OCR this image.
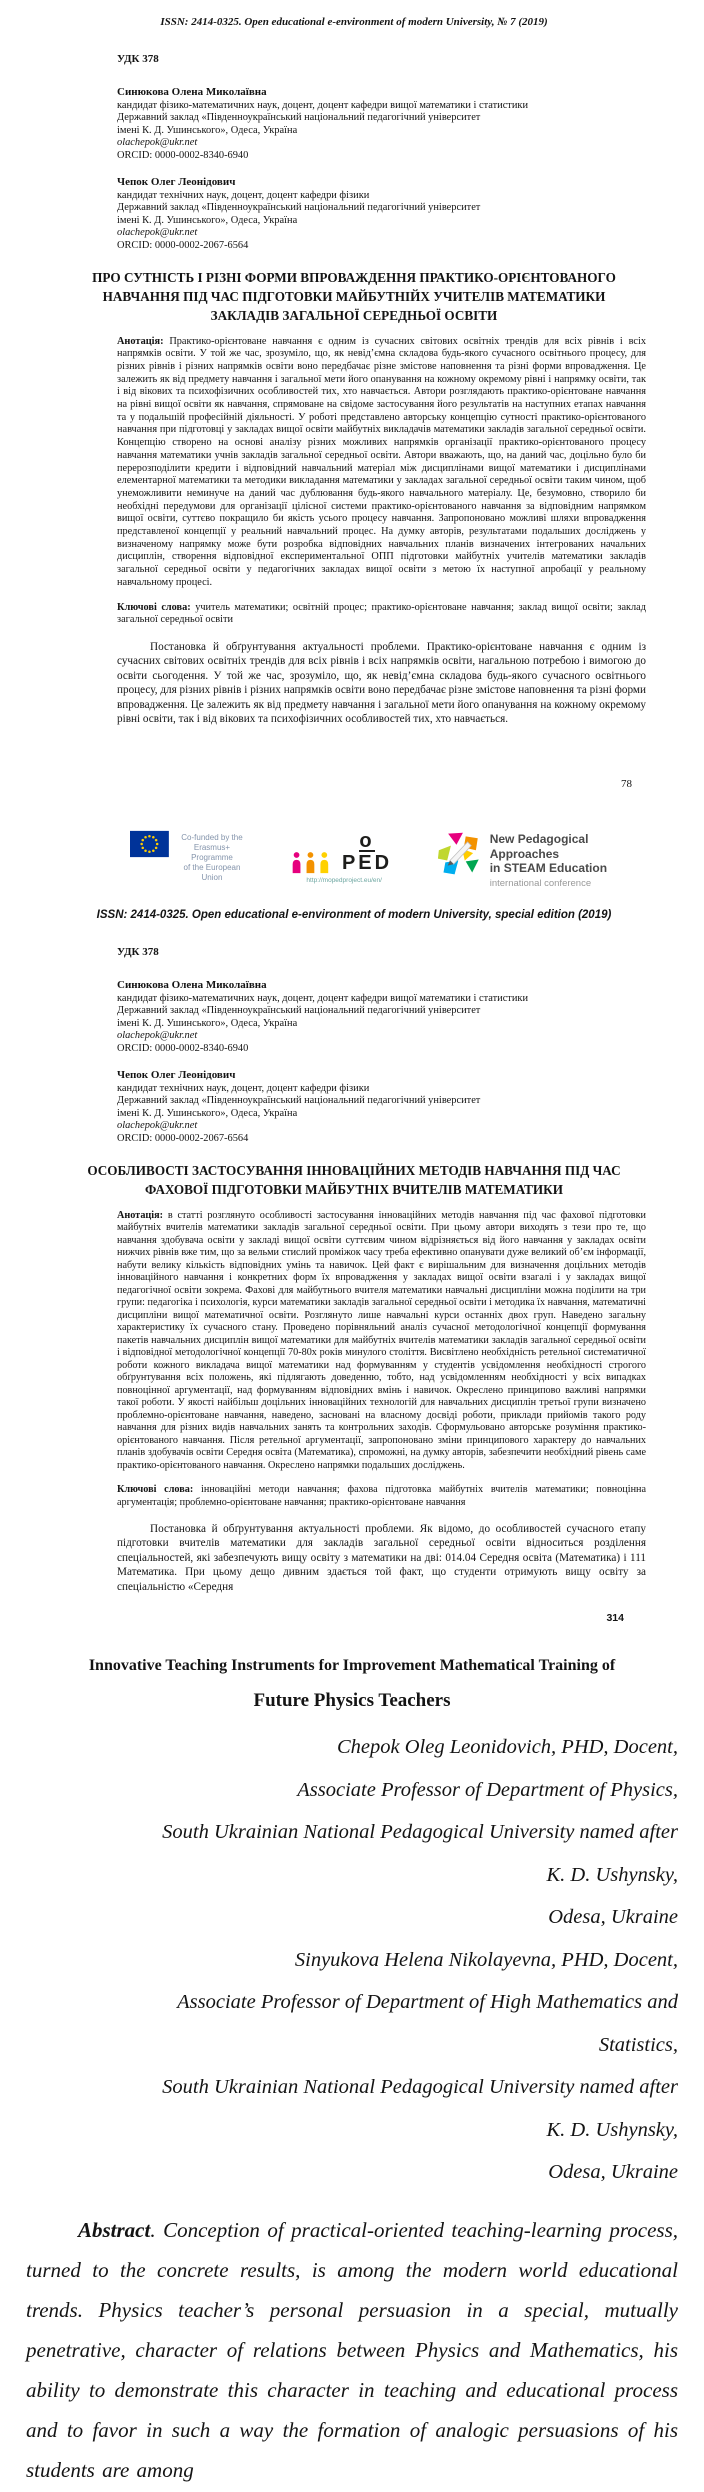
ISSN: 2414-0325. Open educational e-environment of modern University, № 7 (2019)
УДК 378
Синюкова Олена Миколаївна
кандидат фізико-математичних наук, доцент, доцент кафедри вищої математики і статистики
Державний заклад «Південноукраїнський національний педагогічний університет
імені К. Д. Ушинського», Одеса, Україна
olachepok@ukr.net
ORCID: 0000-0002-8340-6940
Чепок Олег Леонідович
кандидат технічних наук, доцент, доцент кафедри фізики
Державний заклад «Південноукраїнський національний педагогічний університет
імені К. Д. Ушинського», Одеса, Україна
olachepok@ukr.net
ORCID: 0000-0002-2067-6564
ПРО СУТНІСТЬ І РІЗНІ ФОРМИ ВПРОВАЖДЕННЯ ПРАКТИКО-ОРІЄНТОВАНОГО НАВЧАННЯ ПІД ЧАС ПІДГОТОВКИ МАЙБУТНІЙХ УЧИТЕЛІВ МАТЕМАТИКИ ЗАКЛАДІВ ЗАГАЛЬНОЇ СЕРЕДНЬОЇ ОСВІТИ
Анотація: Практико-орієнтоване навчання є одним із сучасних світових освітніх трендів для всіх рівнів і всіх напрямків освіти. У той же час, зрозуміло, що, як невід’ємна складова будь-якого сучасного освітнього процесу, для різних рівнів і різних напрямків освіти воно передбачає різне змістове наповнення та різні форми впровадження. Це залежить як від предмету навчання і загальної мети його опанування на кожному окремому рівні і напрямку освіти, так і від вікових та психофізичних особливостей тих, хто навчається. Автори розглядають практико-орієнтоване навчання на рівні вищої освіти як навчання, спрямоване на свідоме застосування його результатів на наступних етапах навчання та у подальшій професійній діяльності. У роботі представлено авторську концепцію сутності практико-орієнтованого навчання при підготовці у закладах вищої освіти майбутніх викладачів математики закладів загальної середньої освіти. Концепцію створено на основі аналізу різних можливих напрямків організації практико-орієнтованого процесу навчання математики учнів закладів загальної середньої освіти. Автори вважають, що, на даний час, доцільно було би перерозподілити кредити і відповідний навчальний матеріал між дисциплінами вищої математики і дисциплінами елементарної математики та методики викладання математики у закладах загальної середньої освіти таким чином, щоб унеможливити неминуче на даний час дублювання будь-якого навчального матеріалу. Це, безумовно, створило би необхідні передумови для організації цілісної системи практико-орієнтованого навчання за відповідним напрямком вищої освіти, суттєво покращило би якість усього процесу навчання. Запропоновано можливі шляхи впровадження представленої концепції у реальний навчальний процес. На думку авторів, результатами подальших досліджень у визначеному напрямку може бути розробка відповідних навчальних планів визначених інтегрованих начальних дисциплін, створення відповідної експериментальної ОПП підготовки майбутніх учителів математики закладів загальної середньої освіти у педагогічних закладах вищої освіти з метою їх наступної апробації у реальному навчальному процесі.
Ключові слова: учитель математики; освітній процес; практико-орієнтоване навчання; заклад вищої освіти; заклад загальної середньої освіти
Постановка й обґрунтування актуальності проблеми. Практико-орієнтоване навчання є одним із сучасних світових освітніх трендів для всіх рівнів і всіх напрямків освіти, нагальною потребою і вимогою до освіти сьогодення. У той же час, зрозуміло, що, як невід’ємна складова будь-якого сучасного освітнього процесу, для різних рівнів і різних напрямків освіти воно передбачає різне змістове наповнення та різні форми впровадження. Це залежить як від предмету навчання і загальної мети його опанування на кожному окремому рівні освіти, так і від вікових та психофізичних особливостей тих, хто навчається.
78
Co-funded by the
Erasmus+ Programme
of the European Union
oPED
http://mopedproject.eu/en/
New Pedagogical Approaches
in STEAM Education
international conference
ISSN: 2414-0325. Open educational e-environment of modern University, special edition (2019)
УДК 378
Синюкова Олена Миколаївна
кандидат фізико-математичних наук, доцент, доцент кафедри вищої математики і статистики
Державний заклад «Південноукраїнський національний педагогічний університет
імені К. Д. Ушинського», Одеса, Україна
olachepok@ukr.net
ORCID: 0000-0002-8340-6940
Чепок Олег Леонідович
кандидат технічних наук, доцент, доцент кафедри фізики
Державний заклад «Південноукраїнський національний педагогічний університет
імені К. Д. Ушинського», Одеса, Україна
olachepok@ukr.net
ORCID: 0000-0002-2067-6564
ОСОБЛИВОСТІ ЗАСТОСУВАННЯ ІННОВАЦІЙНИХ МЕТОДІВ НАВЧАННЯ ПІД ЧАС ФАХОВОЇ ПІДГОТОВКИ МАЙБУТНІХ ВЧИТЕЛІВ МАТЕМАТИКИ
Анотація: в статті розглянуто особливості застосування інноваційних методів навчання під час фахової підготовки майбутніх вчителів математики закладів загальної середньої освіти. При цьому автори виходять з тези про те, що навчання здобувача освіти у закладі вищої освіти суттєвим чином відрізняється від його навчання у закладах освіти нижчих рівнів вже тим, що за вельми стислий проміжок часу треба ефективно опанувати дуже великий об’єм інформації, набути велику кількість відповідних умінь та навичок. Цей факт є вирішальним для визначення доцільних методів інноваційного навчання і конкретних форм їх впровадження у закладах вищої освіти взагалі і у закладах вищої педагогічної освіти зокрема. Фахові для майбутнього вчителя математики навчальні дисципліни можна поділити на три групи: педагогіка і психологія, курси математики закладів загальної середньої освіти і методика їх навчання, математичні дисципліни вищої математичної освіти. Розглянуто лише навчальні курси останніх двох груп. Наведено загальну характеристику їх сучасного стану. Проведено порівняльний аналіз сучасної методологічної концепції формування пакетів навчальних дисциплін вищої математики для майбутніх вчителів математики закладів загальної середньої освіти і відповідної методологічної концепції 70-80х років минулого століття. Висвітлено необхідність ретельної систематичної роботи кожного викладача вищої математики над формуванням у студентів усвідомлення необхідності строгого обґрунтування всіх положень, які підлягають доведенню, тобто, над усвідомленням необхідності у всіх випадках повноцінної аргументації, над формуванням відповідних вмінь і навичок. Окреслено принципово важливі напрямки такої роботи. У якості найбільш доцільних інноваційних технологій для навчальних дисциплін третьої групи визначено проблемно-орієнтоване навчання, наведено, засновані на власному досвіді роботи, приклади прийомів такого роду навчання для різних видів навчальних занять та контрольних заходів. Сформульовано авторське розуміння практико-орієнтованого навчання. Після ретельної аргументації, запропоновано зміни принципового характеру до навчальних планів здобувачів освіти Середня освіта (Математика), спроможні, на думку авторів, забезпечити необхідний рівень саме практико-орієнтованого навчання. Окреслено напрямки подальших досліджень.
Ключові слова: інноваційні методи навчання; фахова підготовка майбутніх вчителів математики; повноцінна аргументація; проблемно-орієнтоване навчання; практико-орієнтоване навчання
Постановка й обґрунтування актуальності проблеми. Як відомо, до особливостей сучасного етапу підготовки вчителів математики для закладів загальної середньої освіти відноситься розділення спеціальностей, які забезпечують вищу освіту з математики на дві: 014.04 Середня освіта (Математика) і 111 Математика. При цьому дещо дивним здається той факт, що студенти отримують вищу освіту за спеціальністю «Середня
314
Innovative Teaching Instruments for Improvement Mathematical Training of
Future Physics Teachers
Chepok Oleg Leonidovich, PHD, Docent,
Associate Professor of Department of Physics,
South Ukrainian National Pedagogical University named after
K. D. Ushynsky,
Odesa, Ukraine
Sinyukova Helena Nikolayevna, PHD, Docent,
Associate Professor of Department of High Mathematics and
Statistics,
South Ukrainian National Pedagogical University named after
K. D. Ushynsky,
Odesa, Ukraine

Abstract. Conception of practical-oriented teaching-learning process, turned to the concrete results, is among the modern world educational trends. Physics teacher’s personal persuasion in a special, mutually penetrative, character of relations between Physics and Mathematics, his ability to demonstrate this character in teaching and educational process and to favor in such a way the formation of analogic persuasions of his students are among
